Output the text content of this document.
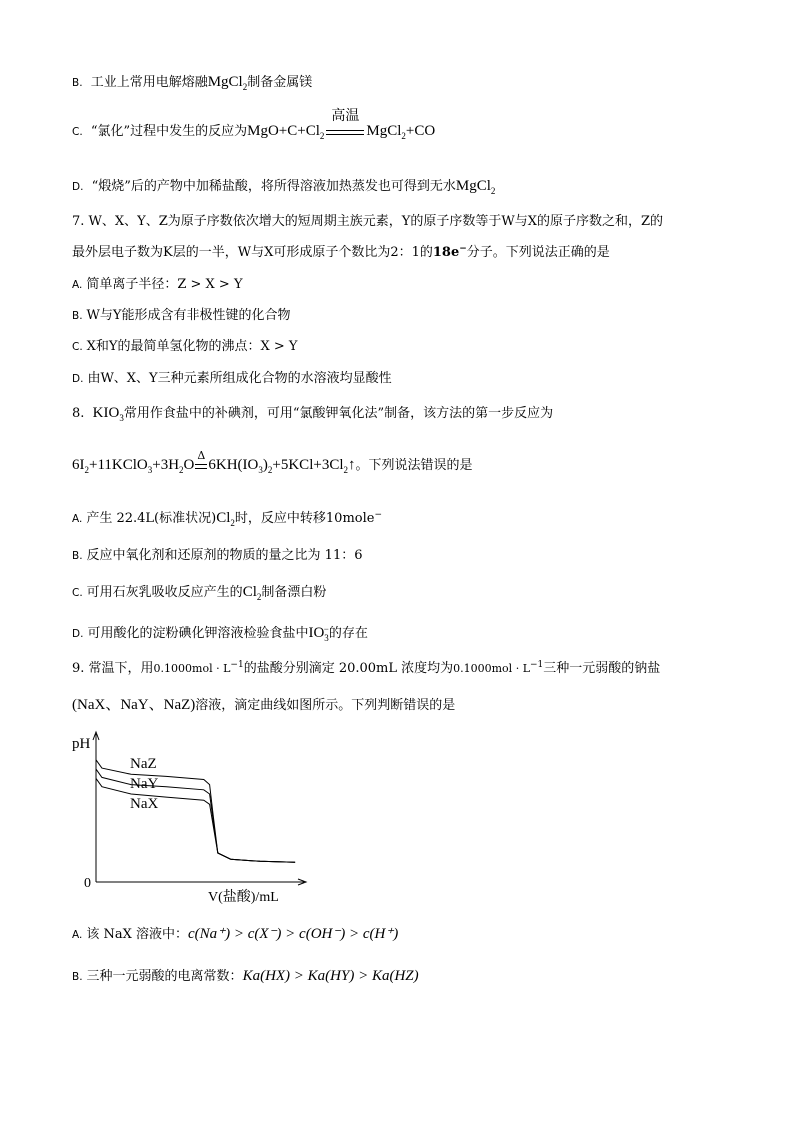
B. 工业上常用电解熔融MgCl$_2$制备金属镁
C. “氯化”过程中发生的反应为$MgO+C+Cl_2$
高温
MgCl$_2$+CO
D. “煅烧”后的产物中加稀盐酸，将所得溶液加热蒸发也可得到无水MgCl$_2$
7. W、X、Y、Z为原子序数依次增大的短周期主族元素，Y的原子序数等于W与X的原子序数之和，Z的
最外层电子数为K层的一半，W与X可形成原子个数比为2：1的18e−分子。下列说法正确的是
A. 简单离子半径：Z > X > Y
B. W与Y能形成含有非极性键的化合物
C. X和Y的最简单氢化物的沸点：X > Y
D. 由W、X、Y三种元素所组成化合物的水溶液均显酸性
8. $KIO_3$常用作食盐中的补碘剂，可用“氯酸钾氧化法”制备，该方法的第一步反应为
$6I_2+11KClO_3+3H_2O$
Δ
$6KH(IO_3)_2+5KCl+3Cl_2↑$。下列说法错误的是
A. 产生 22.4L(标准状况)$Cl_2$时，反应中转移10mole−
B. 反应中氧化剂和还原剂的物质的量之比为 11：6
C. 可用石灰乳吸收反应产生的$Cl_2$制备漂白粉
D. 可用酸化的淀粉碘化钾溶液检验食盐中$IO_3^-$的存在
9. 常温下，用$0.1000mol \cdot L^{-1}$的盐酸分别滴定 20.00mL 浓度均为$0.1000mol \cdot L^{-1}$三种一元弱酸的钠盐
(NaX、NaY、NaZ)溶液，滴定曲线如图所示。下列判断错误的是
pH
0
V(盐酸)/mL
NaZ
NaY
NaX
A. 该 NaX 溶液中：c(Na⁺) > c(X⁻) > c(OH⁻) > c(H⁺)
B. 三种一元弱酸的电离常数：Ka(HX) > Ka(HY) > Ka(HZ)
